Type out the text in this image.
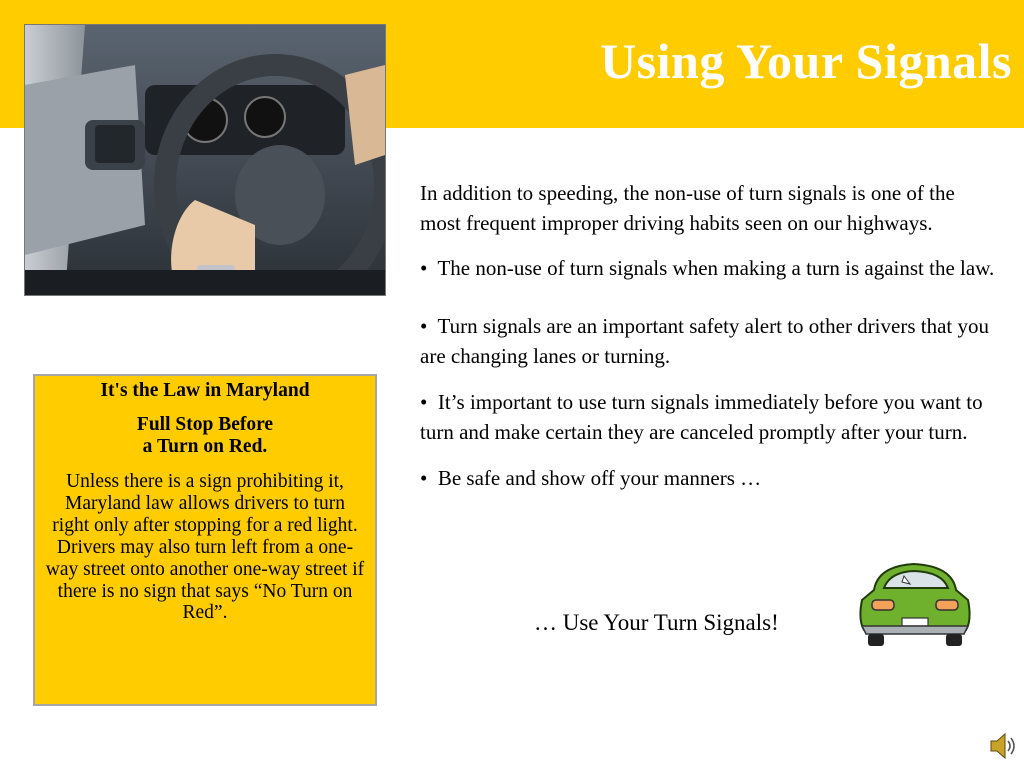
Using Your Signals

It's the Law in Maryland

Full Stop Before
a Turn on Red.

Unless there is a sign prohibiting it, Maryland law allows drivers to turn right only after stopping for a red light. Drivers may also turn left from a one-way street onto another one-way street if there is no sign that says “No Turn on Red”.

In addition to speeding, the non-use of turn signals is one of the most frequent improper driving habits seen on our highways.

• The non-use of turn signals when making a turn is against the law.

• Turn signals are an important safety alert to other drivers that you are changing lanes or turning.

• It’s important to use turn signals immediately before you want to turn and make certain they are canceled promptly after your turn.

• Be safe and show off your manners …

… Use Your Turn Signals!
